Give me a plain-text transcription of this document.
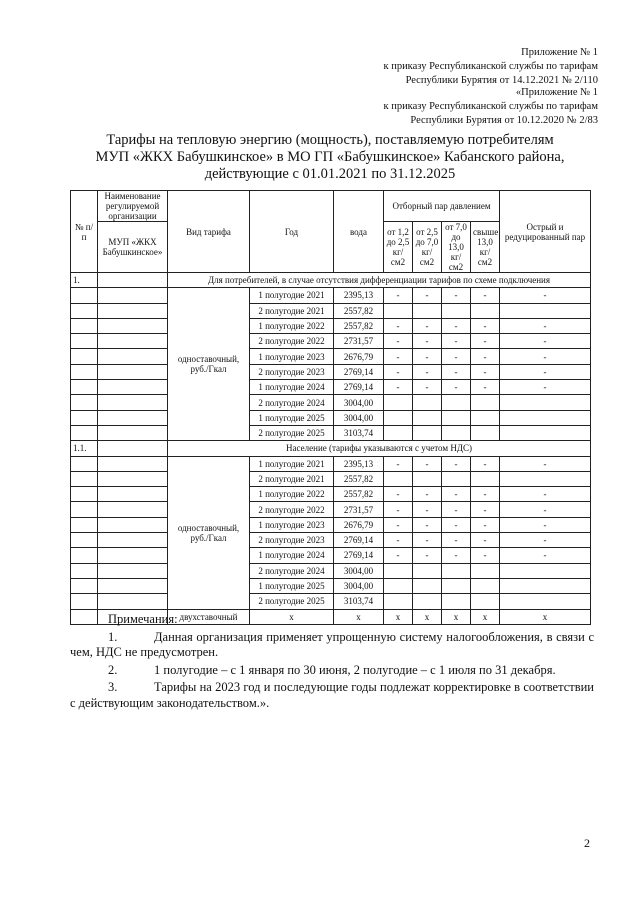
Приложение № 1
к приказу Республиканской службы по тарифам
Республики Бурятия от 14.12.2021 № 2/110
«Приложение № 1
к приказу Республиканской службы по тарифам
Республики Бурятия от 10.12.2020 № 2/83
Тарифы на тепловую энергию (мощность), поставляемую потребителям
МУП «ЖКХ Бабушкинское» в МО ГП «Бабушкинское» Кабанского района,
действующие с 01.01.2021 по 31.12.2025
№ п/п	Наименование регулируемой организации	Вид тарифа	Год	вода	Отборный пар давлением				Острый и редуцированный пар
	МУП «ЖКХ Бабушкинское»				от 1,2 до 2,5 кг/см2	от 2,5 до 7,0 кг/см2	от 7,0 до 13,0 кг/см2	свыше 13,0 кг/см2	
1.		Для потребителей, в случае отсутствия дифференциации тарифов по схеме подключения							
		одноставочный, руб./Гкал	1 полугодие 2021	2395,13	-	-	-	-	-
			2 полугодие 2021	2557,82					
			1 полугодие 2022	2557,82	-	-	-	-	-
			2 полугодие 2022	2731,57	-	-	-	-	-
			1 полугодие 2023	2676,79	-	-	-	-	-
			2 полугодие 2023	2769,14	-	-	-	-	-
			1 полугодие 2024	2769,14	-	-	-	-	-
			2 полугодие 2024	3004,00					
			1 полугодие 2025	3004,00					
			2 полугодие 2025	3103,74					
1.1.		Население (тарифы указываются с учетом НДС)							
		одноставочный, руб./Гкал	1 полугодие 2021	2395,13	-	-	-	-	-
			2 полугодие 2021	2557,82					
			1 полугодие 2022	2557,82	-	-	-	-	-
			2 полугодие 2022	2731,57	-	-	-	-	-
			1 полугодие 2023	2676,79	-	-	-	-	-
			2 полугодие 2023	2769,14	-	-	-	-	-
			1 полугодие 2024	2769,14	-	-	-	-	-
			2 полугодие 2024	3004,00					
			1 полугодие 2025	3004,00					
			2 полугодие 2025	3103,74					
		двухставочный	х	х	х	х	х	х	х
Примечания:
1.	Данная организация применяет упрощенную систему налогообложения, в связи с чем, НДС не предусмотрен.
2.	1 полугодие – с 1 января по 30 июня, 2 полугодие – с 1 июля по 31 декабря.
3.	Тарифы на 2023 год и последующие годы подлежат корректировке в соответствии с действующим законодательством.».
2
